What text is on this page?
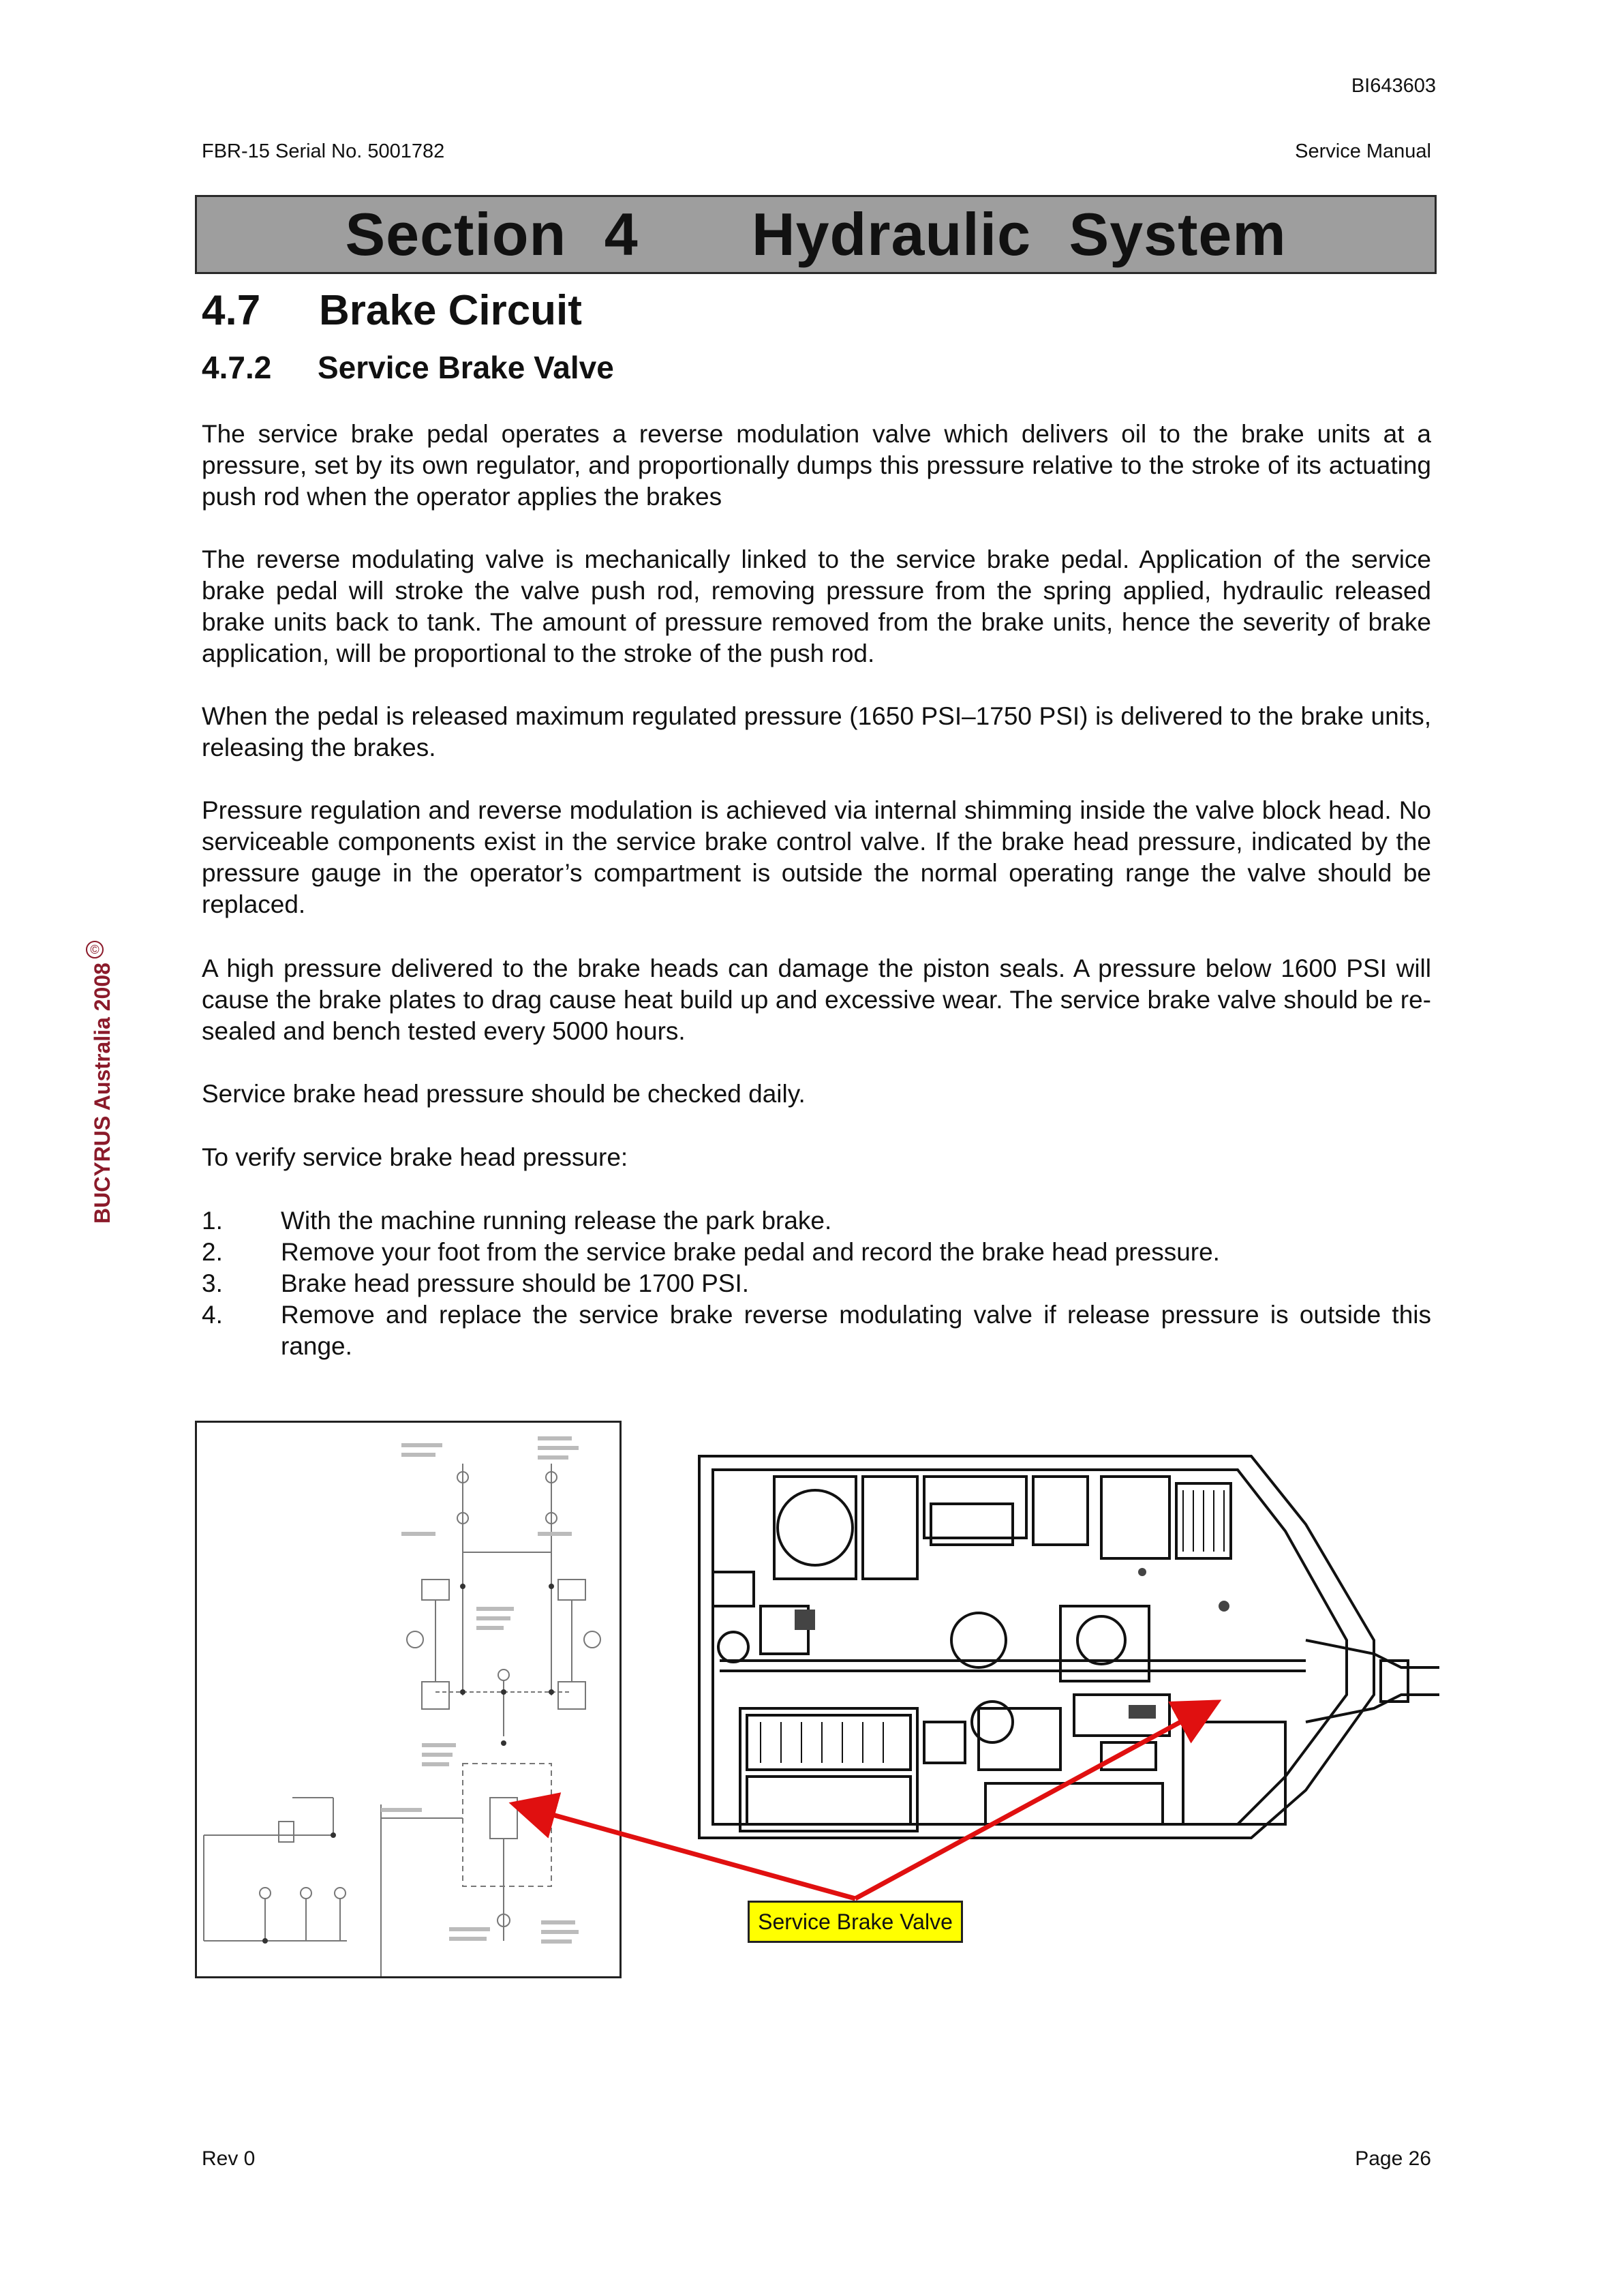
BI643603
FBR-15 Serial No. 5001782	Service Manual
Section 4   Hydraulic System
4.7	Brake Circuit
4.7.2	Service Brake Valve

The service brake pedal operates a reverse modulation valve which delivers oil to the brake units at a pressure, set by its own regulator, and proportionally dumps this pressure relative to the stroke of its actuating push rod when the operator applies the brakes

The reverse modulating valve is mechanically linked to the service brake pedal. Application of the service brake pedal will stroke the valve push rod, removing pressure from the spring applied, hydraulic released brake units back to tank. The amount of pressure removed from the brake units, hence the severity of brake application, will be proportional to the stroke of the push rod.

When the pedal is released maximum regulated pressure (1650 PSI–1750 PSI) is delivered to the brake units, releasing the brakes.

Pressure regulation and reverse modulation is achieved via internal shimming inside the valve block head. No serviceable components exist in the service brake control valve. If the brake head pressure, indicated by the pressure gauge in the operator’s compartment is outside the normal operating range the valve should be replaced.

A high pressure delivered to the brake heads can damage the piston seals. A pressure below 1600 PSI will cause the brake plates to drag cause heat build up and excessive wear. The service brake valve should be re-sealed and bench tested every 5000 hours.

Service brake head pressure should be checked daily.

To verify service brake head pressure:

1.	With the machine running release the park brake.
2.	Remove your foot from the service brake pedal and record the brake head pressure.
3.	Brake head pressure should be 1700 PSI.
4.	Remove and replace the service brake reverse modulating valve if release pressure is outside this range.
©
BUCYRUS Australia 2008
Service Brake Valve
Rev 0	Page 26
